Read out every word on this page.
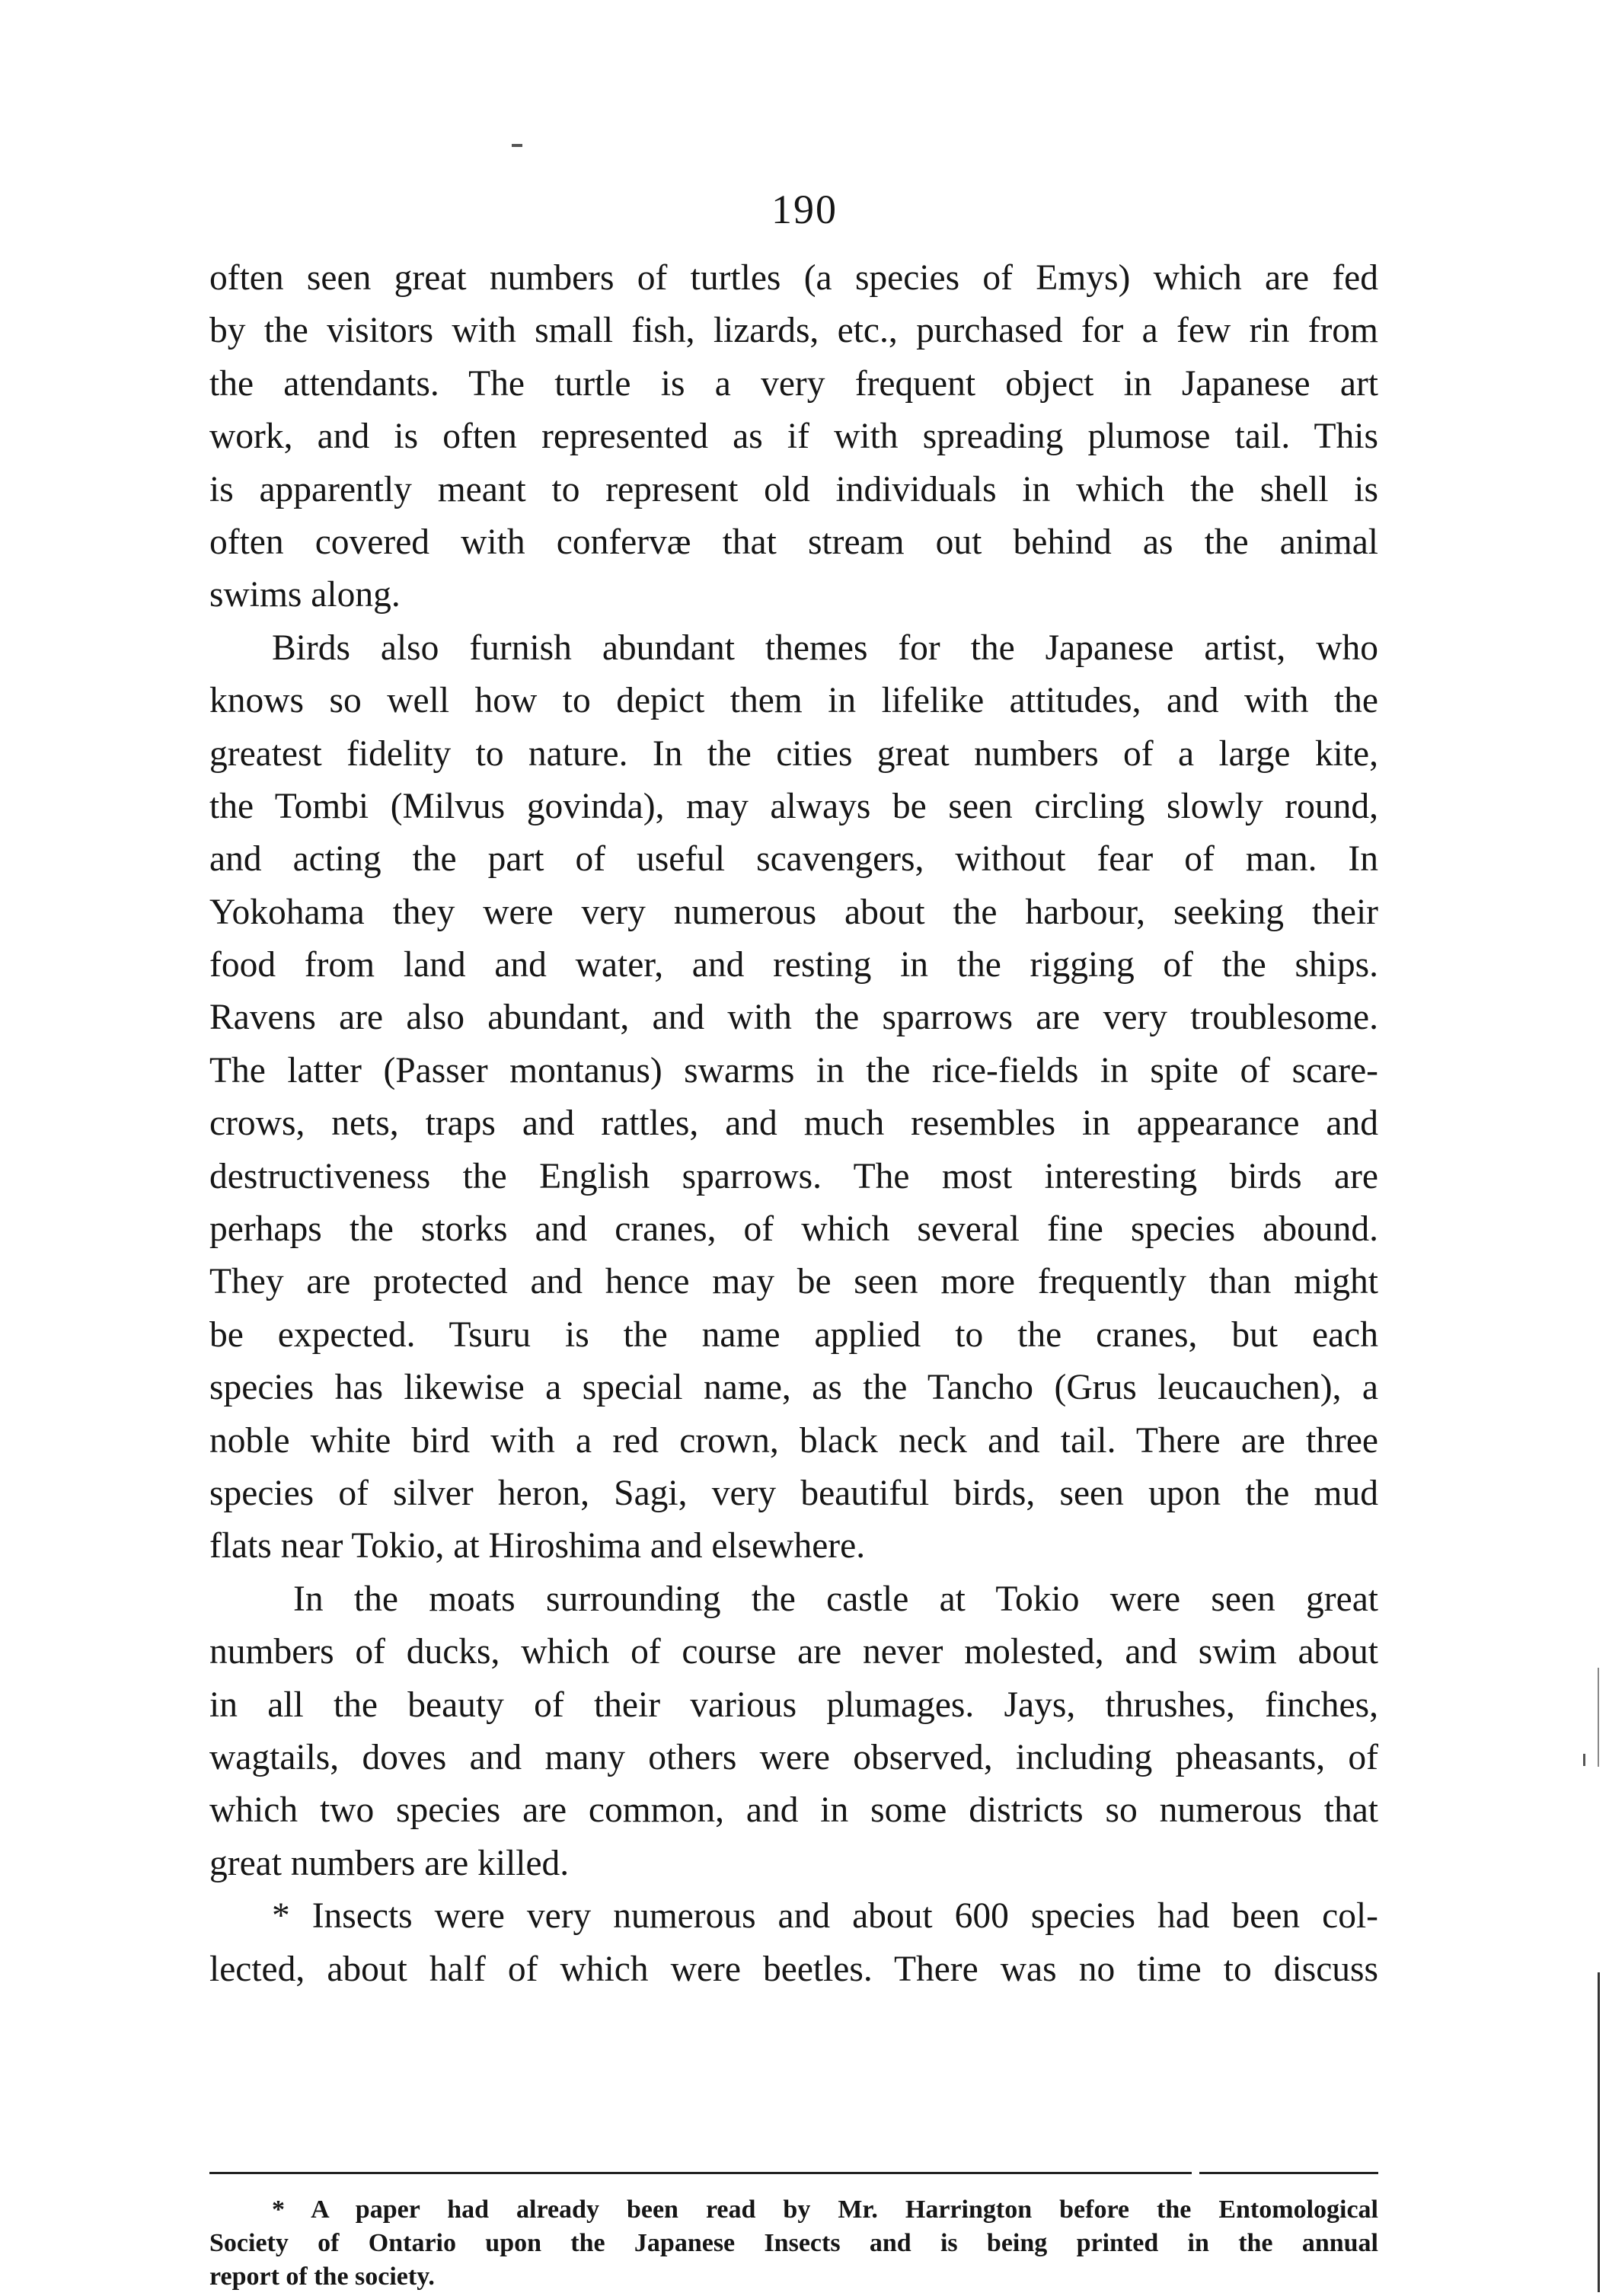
190
often seen great numbers of turtles (a species of Emys) which are fed
by the visitors with small fish, lizards, etc., purchased for a few rin from
the attendants. The turtle is a very frequent object in Japanese art
work, and is often represented as if with spreading plumose tail. This
is apparently meant to represent old individuals in which the shell is
often covered with confervæ that stream out behind as the animal
swims along.
Birds also furnish abundant themes for the Japanese artist, who
knows so well how to depict them in lifelike attitudes, and with the
greatest fidelity to nature. In the cities great numbers of a large kite,
the Tombi (Milvus govinda), may always be seen circling slowly round,
and acting the part of useful scavengers, without fear of man. In
Yokohama they were very numerous about the harbour, seeking their
food from land and water, and resting in the rigging of the ships.
Ravens are also abundant, and with the sparrows are very troublesome.
The latter (Passer montanus) swarms in the rice-fields in spite of scare-
crows, nets, traps and rattles, and much resembles in appearance and
destructiveness the English sparrows. The most interesting birds are
perhaps the storks and cranes, of which several fine species abound.
They are protected and hence may be seen more frequently than might
be expected. Tsuru is the name applied to the cranes, but each
species has likewise a special name, as the Tancho (Grus leucauchen), a
noble white bird with a red crown, black neck and tail. There are three
species of silver heron, Sagi, very beautiful birds, seen upon the mud
flats near Tokio, at Hiroshima and elsewhere.
In the moats surrounding the castle at Tokio were seen great
numbers of ducks, which of course are never molested, and swim about
in all the beauty of their various plumages. Jays, thrushes, finches,
wagtails, doves and many others were observed, including pheasants, of
which two species are common, and in some districts so numerous that
great numbers are killed.
* Insects were very numerous and about 600 species had been col-
lected, about half of which were beetles. There was no time to discuss
* A paper had already been read by Mr. Harrington before the Entomological
Society of Ontario upon the Japanese Insects and is being printed in the annual
report of the society.
